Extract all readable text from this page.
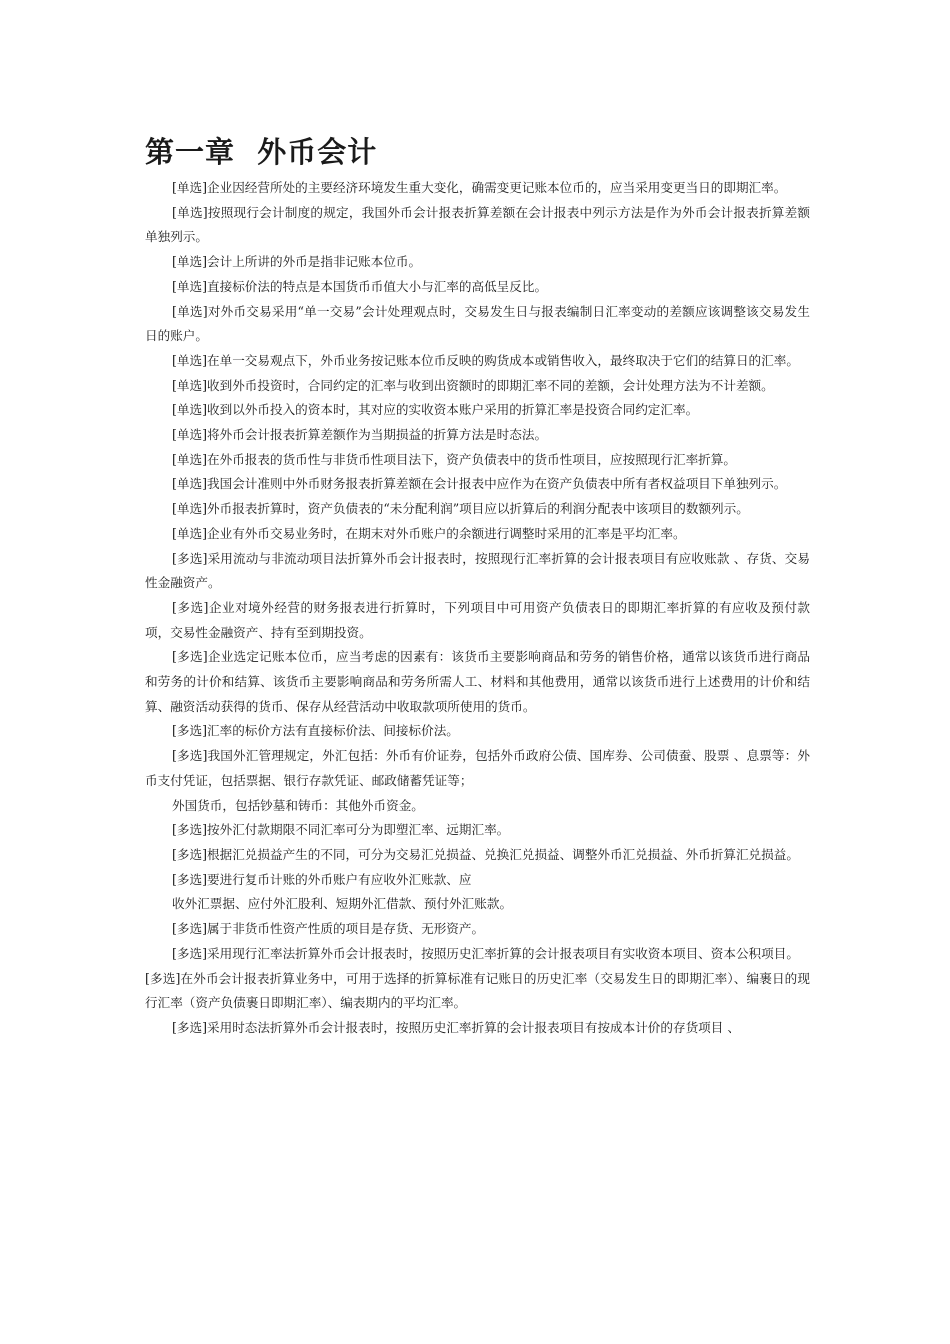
第一章  外币会计

[单选]企业因经营所处的主要经济环境发生重大变化，确需变更记账本位币的，应当采用变更当日的即期汇率。

[单选]按照现行会计制度的规定，我国外币会计报表折算差额在会计报表中列示方法是作为外币会计报表折算差额单独列示。

[单选]会计上所讲的外币是指非记账本位币。

[单选]直接标价法的特点是本国货币币值大小与汇率的高低呈反比。

[单选]对外币交易采用“单一交易”会计处理观点时，交易发生日与报表编制日汇率变动的差额应该调整该交易发生日的账户。

[单选]在单一交易观点下，外币业务按记账本位币反映的购货成本或销售收入，最终取决于它们的结算日的汇率。

[单选]收到外币投资时，合同约定的汇率与收到出资额时的即期汇率不同的差额，会计处理方法为不计差额。

[单选]收到以外币投入的资本时，其对应的实收资本账户采用的折算汇率是投资合同约定汇率。

[单选]将外币会计报表折算差额作为当期损益的折算方法是时态法。

[单选]在外币报表的货币性与非货币性项目法下，资产负债表中的货币性项目，应按照现行汇率折算。

[单选]我国会计准则中外币财务报表折算差额在会计报表中应作为在资产负债表中所有者权益项目下单独列示。

[单选]外币报表折算时，资产负债表的“未分配利润”项目应以折算后的利润分配表中该项目的数额列示。

[单选]企业有外币交易业务时，在期末对外币账户的余额进行调整时采用的汇率是平均汇率。

[多选]采用流动与非流动项目法折算外币会计报表时，按照现行汇率折算的会计报表项目有应收账款 、存货、交易性金融资产。

[多选]企业对境外经营的财务报表进行折算时，下列项目中可用资产负债表日的即期汇率折算的有应收及预付款项，交易性金融资产、持有至到期投资。

[多选]企业选定记账本位币，应当考虑的因素有：该货币主要影响商品和劳务的销售价格，通常以该货币进行商品和劳务的计价和结算、该货币主要影响商品和劳务所需人工、材料和其他费用，通常以该货币进行上述费用的计价和结算、融资活动获得的货币、保存从经营活动中收取款项所使用的货币。

[多选]汇率的标价方法有直接标价法、间接标价法。

[多选]我国外汇管理规定，外汇包括：外币有价证券，包括外币政府公债、国库券、公司债蚕、股票 、息票等：外币支付凭证，包括票据、银行存款凭证、邮政储蓄凭证等；

外国货币，包括钞墓和铸币：其他外币资金。

[多选]按外汇付款期限不同汇率可分为即塑汇率、远期汇率。

[多选]根据汇兑损益产生的不同，可分为交易汇兑损益、兑换汇兑损益、调整外币汇兑损益、外币折算汇兑损益。

[多选]要进行复币计账的外币账户有应收外汇账款、应

收外汇票据、应付外汇股利、短期外汇借款、预付外汇账款。

[多选]属于非货币性资产性质的项目是存货、无形资产。

[多选]采用现行汇率法折算外币会计报表时，按照历史汇率折算的会计报表项目有实收资本项目、资本公积项目。

[多选]在外币会计报表折算业务中，可用于选择的折算标准有记账日的历史汇率（交易发生日的即期汇率）、编裹日的现行汇率（资产负债裹日即期汇率）、编表期内的平均汇率。

[多选]采用时态法折算外币会计报表时，按照历史汇率折算的会计报表项目有按成本计价的存货项目 、
